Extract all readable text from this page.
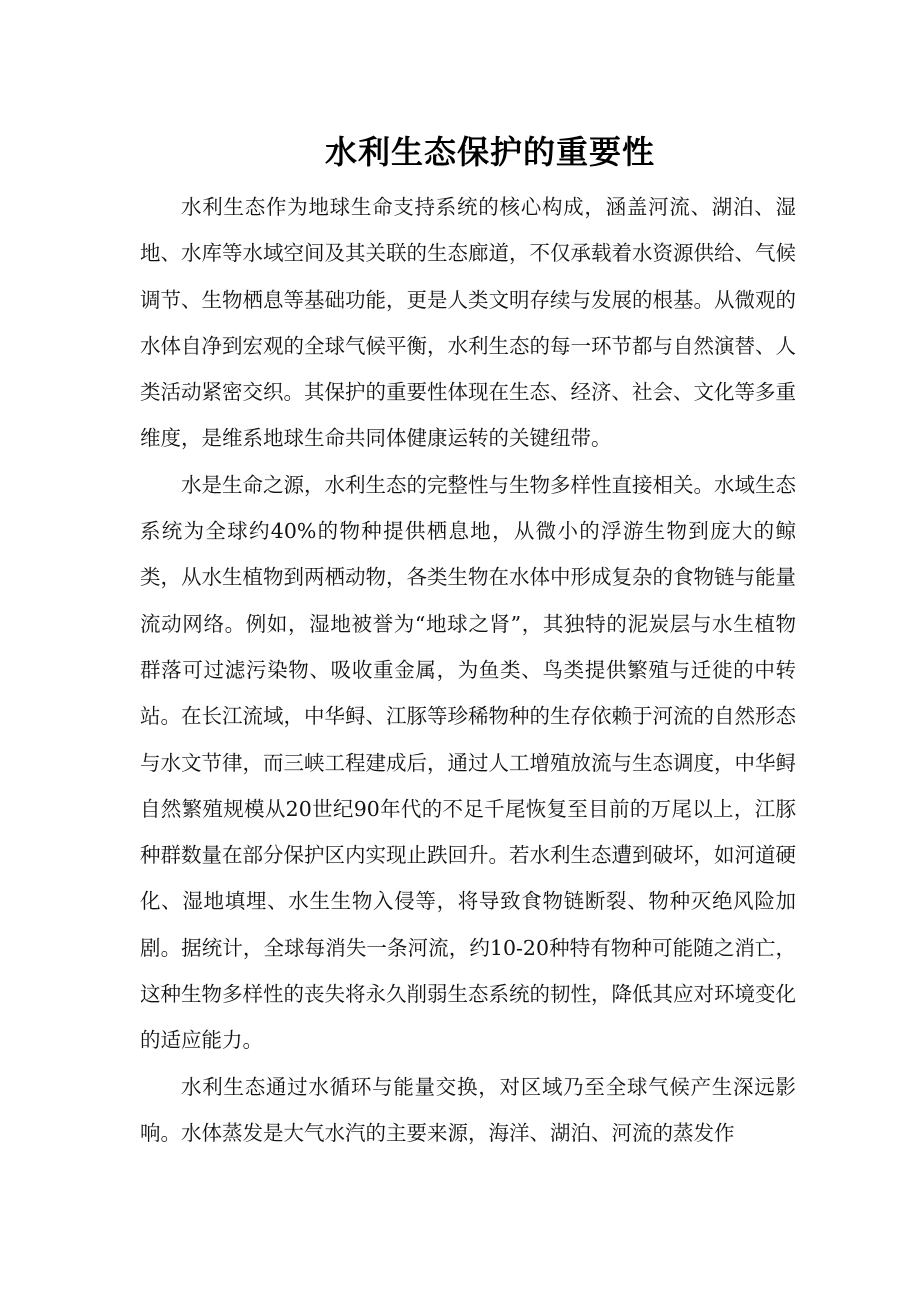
水利生态保护的重要性

水利生态作为地球生命支持系统的核心构成，涵盖河流、湖泊、湿地、水库等水域空间及其关联的生态廊道，不仅承载着水资源供给、气候调节、生物栖息等基础功能，更是人类文明存续与发展的根基。从微观的水体自净到宏观的全球气候平衡，水利生态的每一环节都与自然演替、人类活动紧密交织。其保护的重要性体现在生态、经济、社会、文化等多重维度，是维系地球生命共同体健康运转的关键纽带。

水是生命之源，水利生态的完整性与生物多样性直接相关。水域生态系统为全球约40%的物种提供栖息地，从微小的浮游生物到庞大的鲸类，从水生植物到两栖动物，各类生物在水体中形成复杂的食物链与能量流动网络。例如，湿地被誉为“地球之肾”，其独特的泥炭层与水生植物群落可过滤污染物、吸收重金属，为鱼类、鸟类提供繁殖与迁徙的中转站。在长江流域，中华鲟、江豚等珍稀物种的生存依赖于河流的自然形态与水文节律，而三峡工程建成后，通过人工增殖放流与生态调度，中华鲟自然繁殖规模从20世纪90年代的不足千尾恢复至目前的万尾以上，江豚种群数量在部分保护区内实现止跌回升。若水利生态遭到破坏，如河道硬化、湿地填埋、水生生物入侵等，将导致食物链断裂、物种灭绝风险加剧。据统计，全球每消失一条河流，约10-20种特有物种可能随之消亡，这种生物多样性的丧失将永久削弱生态系统的韧性，降低其应对环境变化的适应能力。

水利生态通过水循环与能量交换，对区域乃至全球气候产生深远影响。水体蒸发是大气水汽的主要来源，海洋、湖泊、河流的蒸发作
